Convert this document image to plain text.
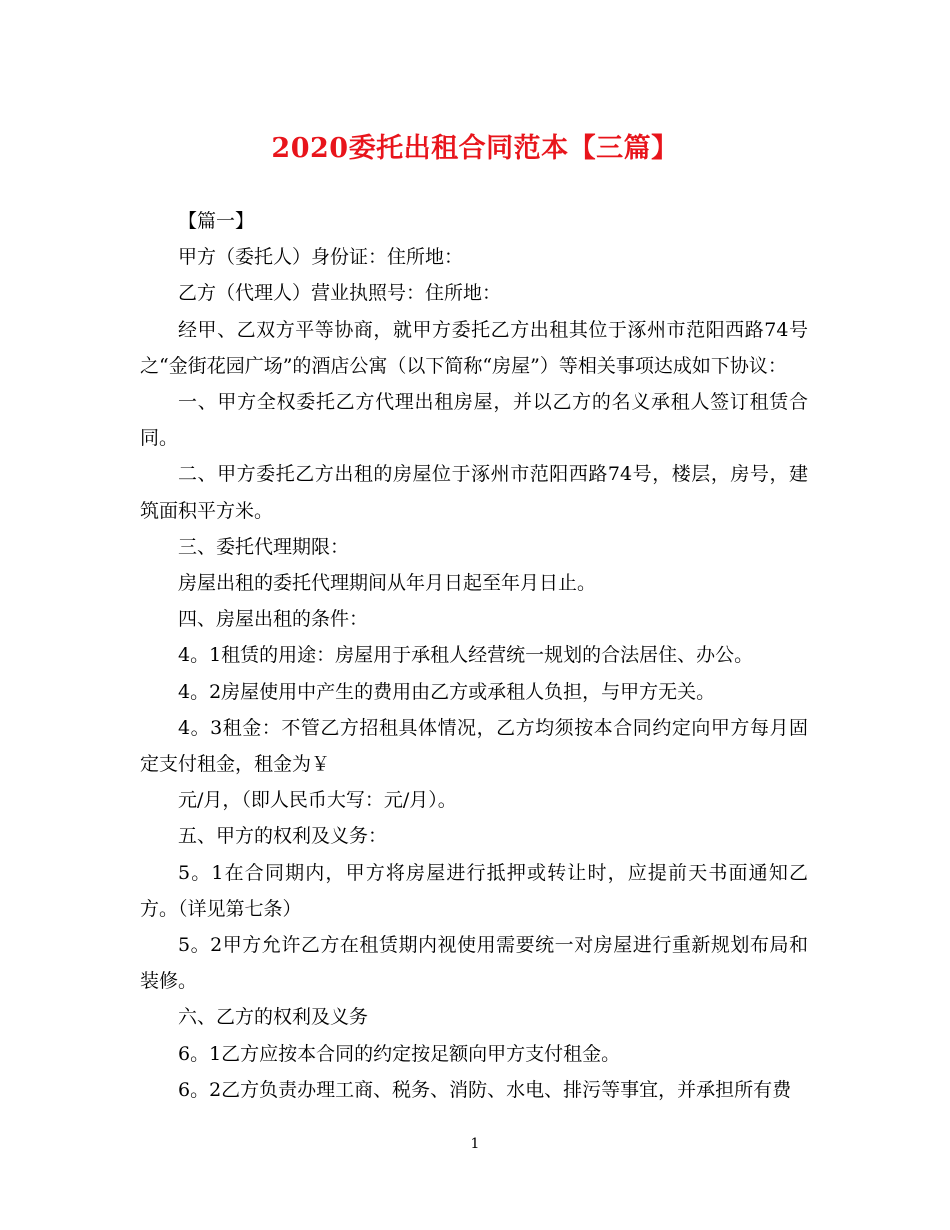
2020委托出租合同范本【三篇】

【篇一】

甲方（委托人）身份证：住所地：

乙方（代理人）营业执照号：住所地：

经甲、乙双方平等协商，就甲方委托乙方出租其位于涿州市范阳西路74号之“金街花园广场”的酒店公寓（以下简称“房屋”）等相关事项达成如下协议：

一、甲方全权委托乙方代理出租房屋，并以乙方的名义承租人签订租赁合同。

二、甲方委托乙方出租的房屋位于涿州市范阳西路74号，楼层，房号，建筑面积平方米。

三、委托代理期限：

房屋出租的委托代理期间从年月日起至年月日止。

四、房屋出租的条件：

4。1租赁的用途：房屋用于承租人经营统一规划的合法居住、办公。

4。2房屋使用中产生的费用由乙方或承租人负担，与甲方无关。

4。3租金：不管乙方招租具体情况，乙方均须按本合同约定向甲方每月固定支付租金，租金为￥

元/月，（即人民币大写：元/月）。

五、甲方的权利及义务：

5。1在合同期内，甲方将房屋进行抵押或转让时，应提前天书面通知乙方。（详见第七条）

5。2甲方允许乙方在租赁期内视使用需要统一对房屋进行重新规划布局和装修。

六、乙方的权利及义务

6。1乙方应按本合同的约定按足额向甲方支付租金。

6。2乙方负责办理工商、税务、消防、水电、排污等事宜，并承担所有费

1
